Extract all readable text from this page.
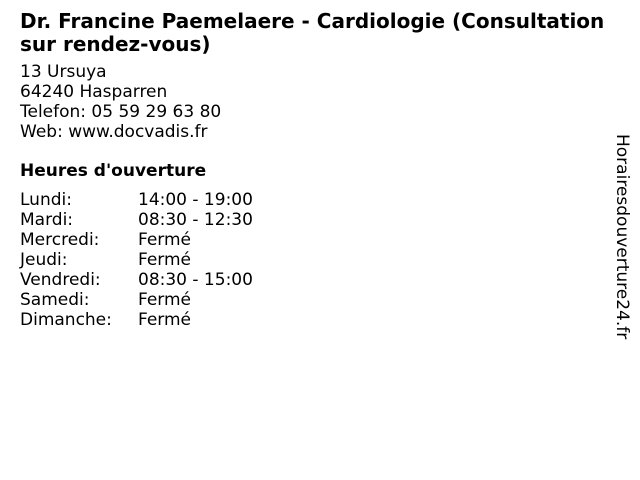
Dr. Francine Paemelaere - Cardiologie (Consultation sur rendez-vous)
13 Ursuya
64240 Hasparren
Telefon: 05 59 29 63 80
Web: www.docvadis.fr
Heures d'ouverture
Lundi:	14:00 - 19:00
Mardi:	08:30 - 12:30
Mercredi:	Fermé
Jeudi:	Fermé
Vendredi:	08:30 - 15:00
Samedi:	Fermé
Dimanche:	Fermé	Horairesdouverture24.fr
